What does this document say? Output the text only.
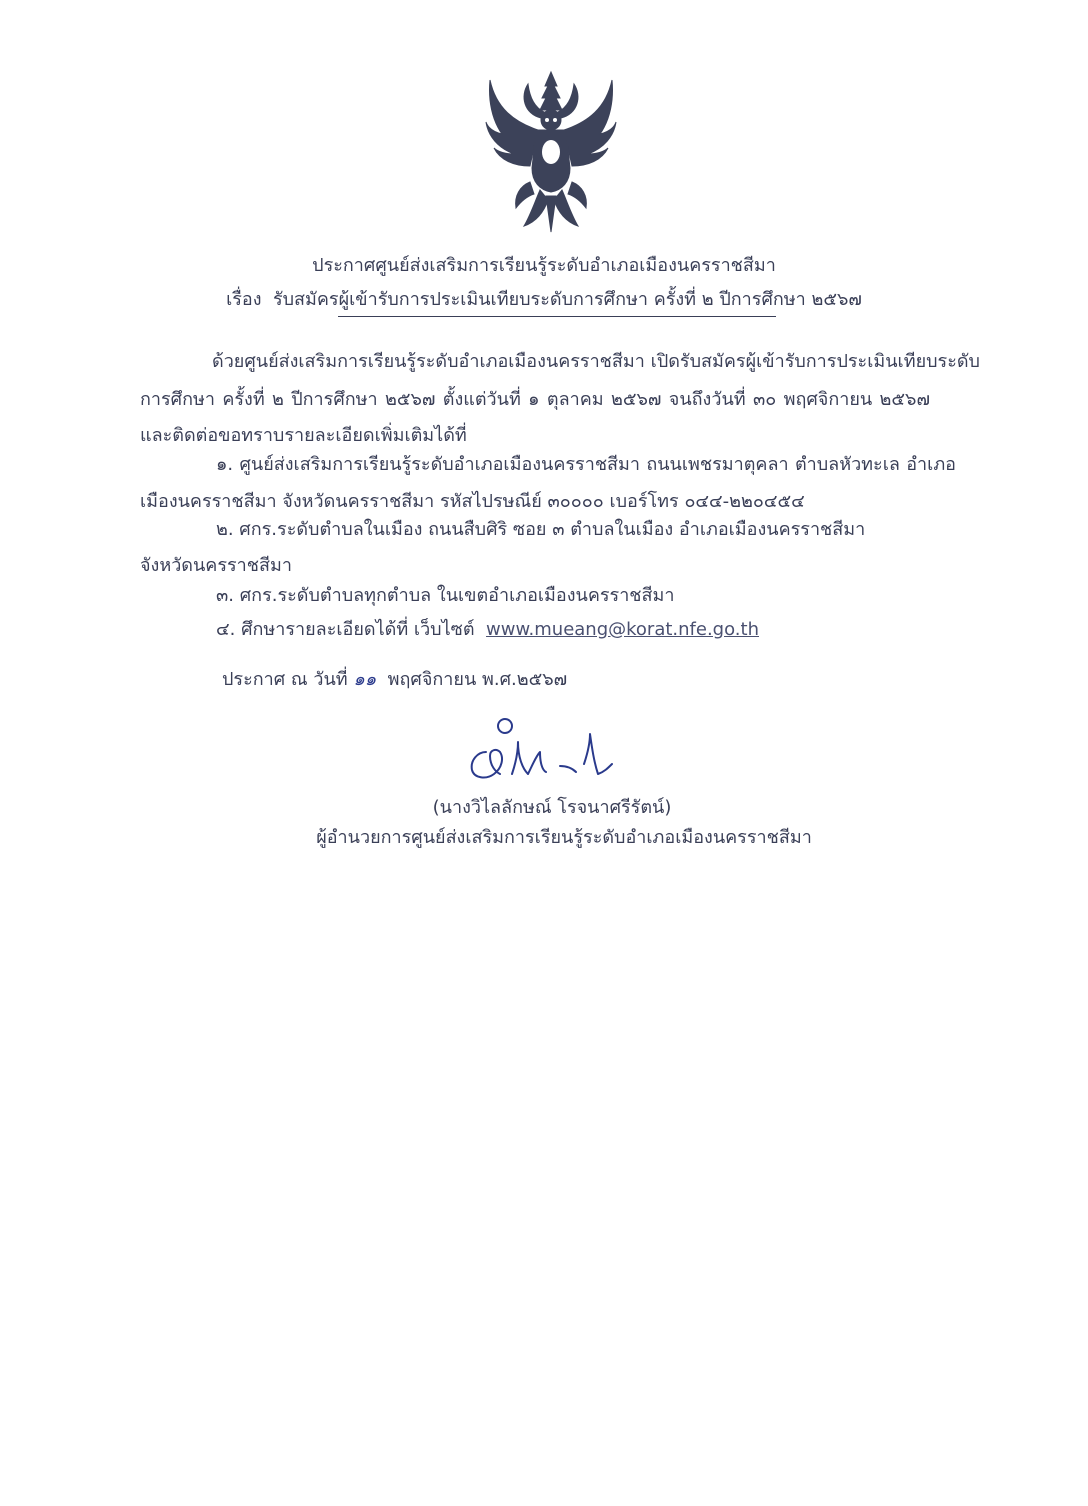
ประกาศศูนย์ส่งเสริมการเรียนรู้ระดับอำเภอเมืองนครราชสีมา
เรื่อง รับสมัครผู้เข้ารับการประเมินเทียบระดับการศึกษา ครั้งที่ ๒ ปีการศึกษา ๒๕๖๗
ด้วยศูนย์ส่งเสริมการเรียนรู้ระดับอำเภอเมืองนครราชสีมา เปิดรับสมัครผู้เข้ารับการประเมินเทียบระดับ
การศึกษา ครั้งที่ ๒ ปีการศึกษา ๒๕๖๗ ตั้งแต่วันที่ ๑ ตุลาคม ๒๕๖๗ จนถึงวันที่ ๓๐ พฤศจิกายน ๒๕๖๗
และติดต่อขอทราบรายละเอียดเพิ่มเติมได้ที่
๑. ศูนย์ส่งเสริมการเรียนรู้ระดับอำเภอเมืองนครราชสีมา ถนนเพชรมาตุคลา ตำบลหัวทะเล อำเภอ
เมืองนครราชสีมา จังหวัดนครราชสีมา รหัสไปรษณีย์ ๓๐๐๐๐ เบอร์โทร ๐๔๔-๒๒๐๔๕๔
๒. ศกร.ระดับตำบลในเมือง ถนนสืบศิริ ซอย ๓ ตำบลในเมือง อำเภอเมืองนครราชสีมา
จังหวัดนครราชสีมา
๓. ศกร.ระดับตำบลทุกตำบล ในเขตอำเภอเมืองนครราชสีมา
๔. ศึกษารายละเอียดได้ที่ เว็บไซต์ www.mueang@korat.nfe.go.th
ประกาศ ณ วันที่ ๑๑ พฤศจิกายน พ.ศ.๒๕๖๗
(นางวิไลลักษณ์ โรจนาศรีรัตน์)
ผู้อำนวยการศูนย์ส่งเสริมการเรียนรู้ระดับอำเภอเมืองนครราชสีมา
